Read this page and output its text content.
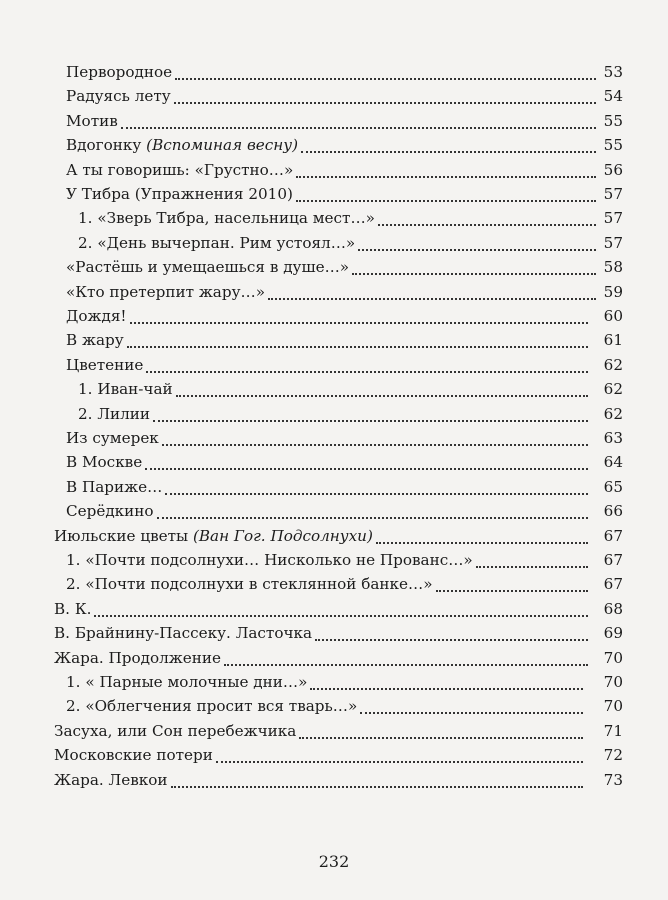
Первородное	53
Радуясь лету	54
Мотив	55
Вдогонку (Вспоминая весну)	55
А ты говоришь: «Грустно…»	56
У Тибра (Упражнения 2010)	57
1. «Зверь Тибра, насельница мест…»	57
2. «День вычерпан. Рим устоял…»	57
«Растёшь и умещаешься в душе…»	58
«Кто претерпит жару…»	59
Дождя!	60
В жару	61
Цветение	62
1. Иван-чай	62
2. Лилии	62
Из сумерек	63
В Москве	64
В Париже…	65
Серёдкино	66
Июльские цветы (Ван Гог. Подсолнухи)	67
1. «Почти подсолнухи… Нисколько не Прованс…»	67
2. «Почти подсолнухи в стеклянной банке…»	67
В. К.	68
В. Брайнину-Пассеку. Ласточка	69
Жара. Продолжение	70
1. « Парные молочные дни…»	70
2. «Облегчения просит вся тварь…»	70
Засуха, или Сон перебежчика	71
Московские потери	72
Жара. Левкои	73
232
